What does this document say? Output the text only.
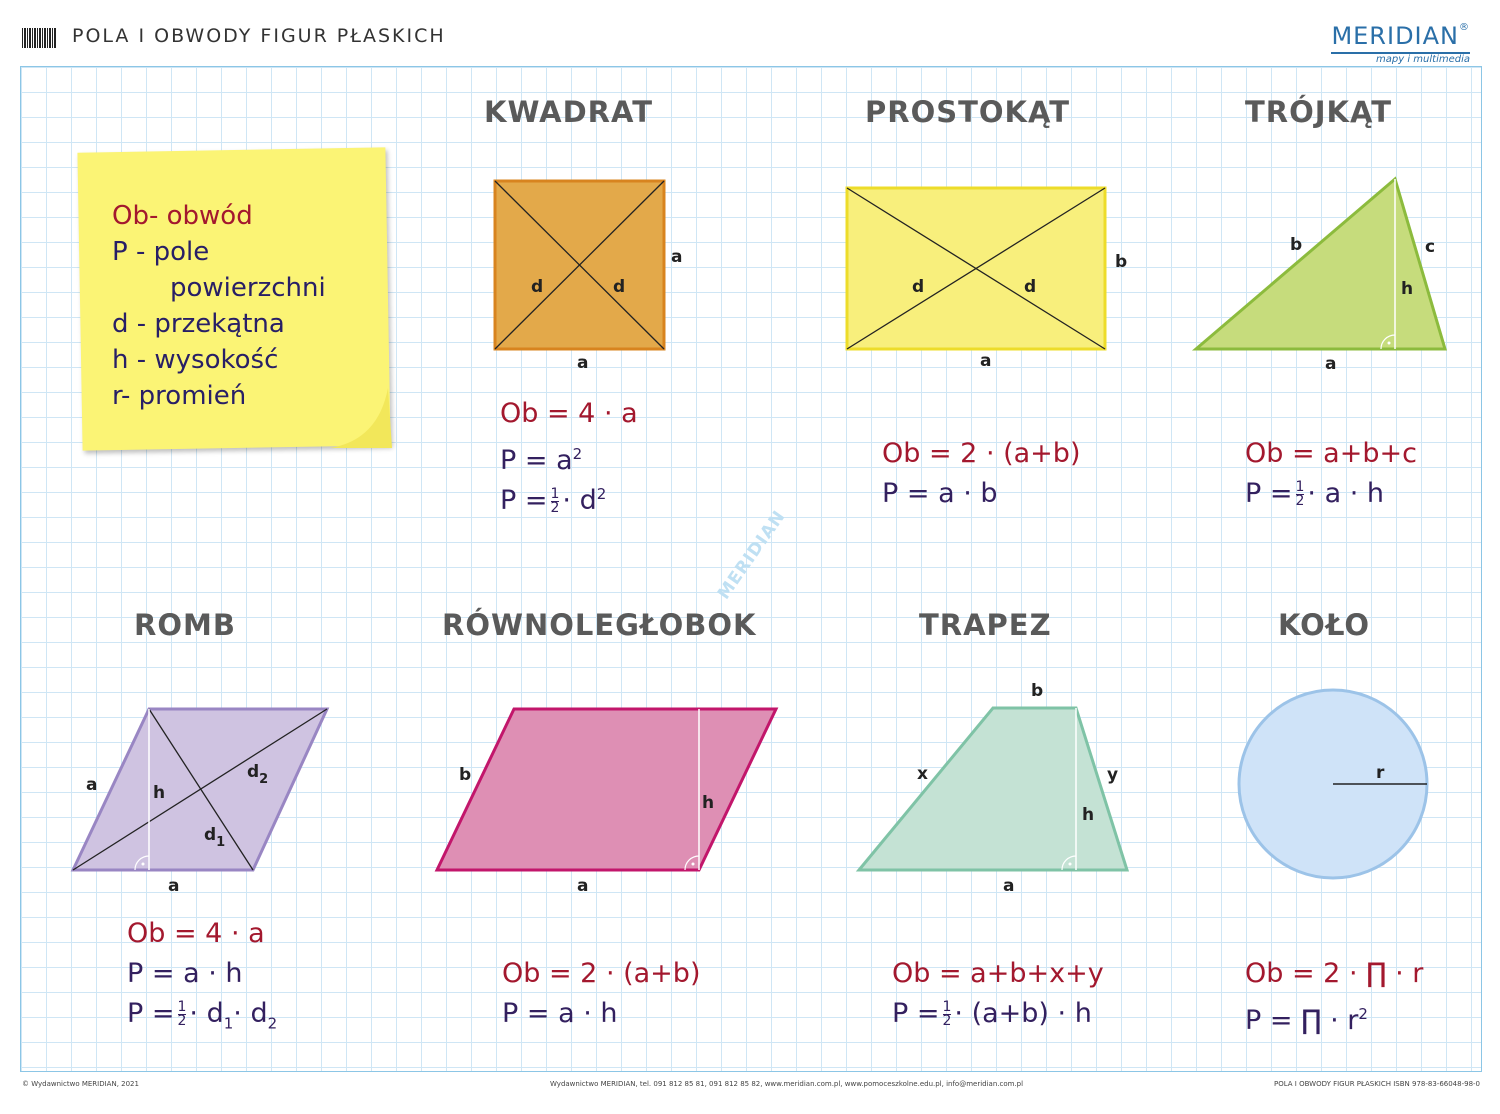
POLA I OBWODY FIGUR PŁASKICH	MERIDIAN®
mapy i multimedia
MERIDIAN
Ob- obwód
P - pole
powierzchni
d - przekątna
h - wysokość
r- promień
KWADRAT	PROSTOKĄT	TRÓJKĄT
ROMB	RÓWNOLEGŁOBOK	TRAPEZ	KOŁO
a
a
d	d
b
a
d	d
b	c
h
a
a	h
$d_2$
$d_1$
a
b
h
a
b
x	y
h
a
r
Ob = 4 · a
$P = a^2$
$P = \frac{1}{2} \cdot d^2$
Ob = 2 · (a+b)
P = a · b
Ob = a+b+c
$P = \frac{1}{2} \cdot a \cdot h$
Ob = 4 · a
P = a · h
$P = \frac{1}{2} \cdot d_1\cdot d_2$
Ob = 2 · (a+b)
P = a · h
Ob = a+b+x+y
$P = \frac{1}{2} \cdot (a+b) \cdot h$
Ob = 2 · ∏ · r
P = ∏ · $r^2$
© Wydawnictwo MERIDIAN, 2021	Wydawnictwo MERIDIAN, tel. 091 812 85 81, 091 812 85 82, www.meridian.com.pl, www.pomoceszkolne.edu.pl, info@meridian.com.pl	POLA I OBWODY FIGUR PŁASKICH ISBN 978-83-66048-98-0
